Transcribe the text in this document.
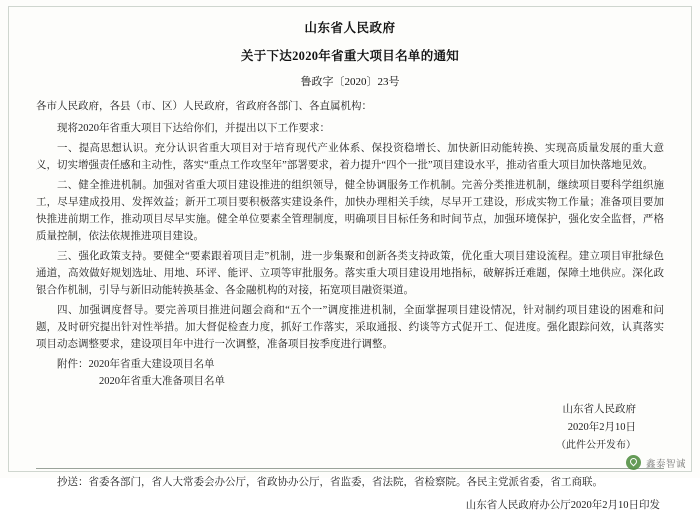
山东省人民政府
关于下达2020年省重大项目名单的通知
鲁政字〔2020〕23号
各市人民政府，各县（市、区）人民政府，省政府各部门、各直属机构：

现将2020年省重大项目下达给你们，并提出以下工作要求：

一、提高思想认识。充分认识省重大项目对于培育现代产业体系、保投资稳增长、加快新旧动能转换、实现高质量发展的重大意义，切实增强责任感和主动性，落实“重点工作攻坚年”部署要求，着力提升“四个一批”项目建设水平，推动省重大项目加快落地见效。

二、健全推进机制。加强对省重大项目建设推进的组织领导，健全协调服务工作机制。完善分类推进机制，继续项目要科学组织施工，尽早建成投用、发挥效益；新开工项目要积极落实建设条件，加快办理相关手续，尽早开工建设，形成实物工作量；准备项目要加快推进前期工作，推动项目尽早实施。健全单位要素全管理制度，明确项目目标任务和时间节点，加强环境保护，强化安全监督，严格质量控制，依法依规推进项目建设。

三、强化政策支持。要健全“要素跟着项目走”机制，进一步集聚和创新各类支持政策，优化重大项目建设流程。建立项目审批绿色通道，高效做好规划选址、用地、环评、能评、立项等审批服务。落实重大项目建设用地指标，破解拆迁难题，保障土地供应。深化政银合作机制，引导与新旧动能转换基金、各金融机构的对接，拓宽项目融资渠道。

四、加强调度督导。要完善项目推进问题会商和“五个一”调度推进机制，全面掌握项目建设情况，针对制约项目建设的困难和问题，及时研究提出针对性举措。加大督促检查力度，抓好工作落实，采取通报、约谈等方式促开工、促进度。强化跟踪问效，认真落实项目动态调整要求，建设项目年中进行一次调整，准备项目按季度进行调整。

附件：2020年省重大建设项目名单
2020年省重大准备项目名单
山东省人民政府
2020年2月10日
（此件公开发布）
抄送：省委各部门，省人大常委会办公厅，省政协办公厅，省监委，省法院，省检察院。各民主党派省委，省工商联。
山东省人民政府办公厅2020年2月10日印发
鑫泰智诚
